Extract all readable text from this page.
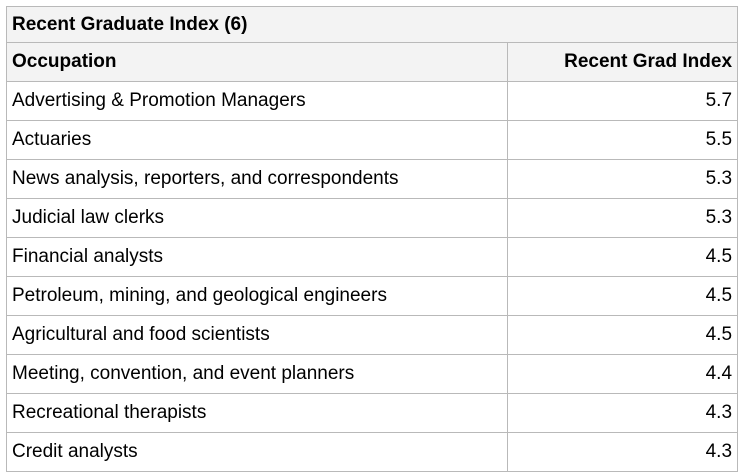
Recent Graduate Index (6)	
Occupation	Recent Grad Index
Advertising & Promotion Managers	5.7
Actuaries	5.5
News analysis, reporters, and correspondents	5.3
Judicial law clerks	5.3
Financial analysts	4.5
Petroleum, mining, and geological engineers	4.5
Agricultural and food scientists	4.5
Meeting, convention, and event planners	4.4
Recreational therapists	4.3
Credit analysts	4.3
